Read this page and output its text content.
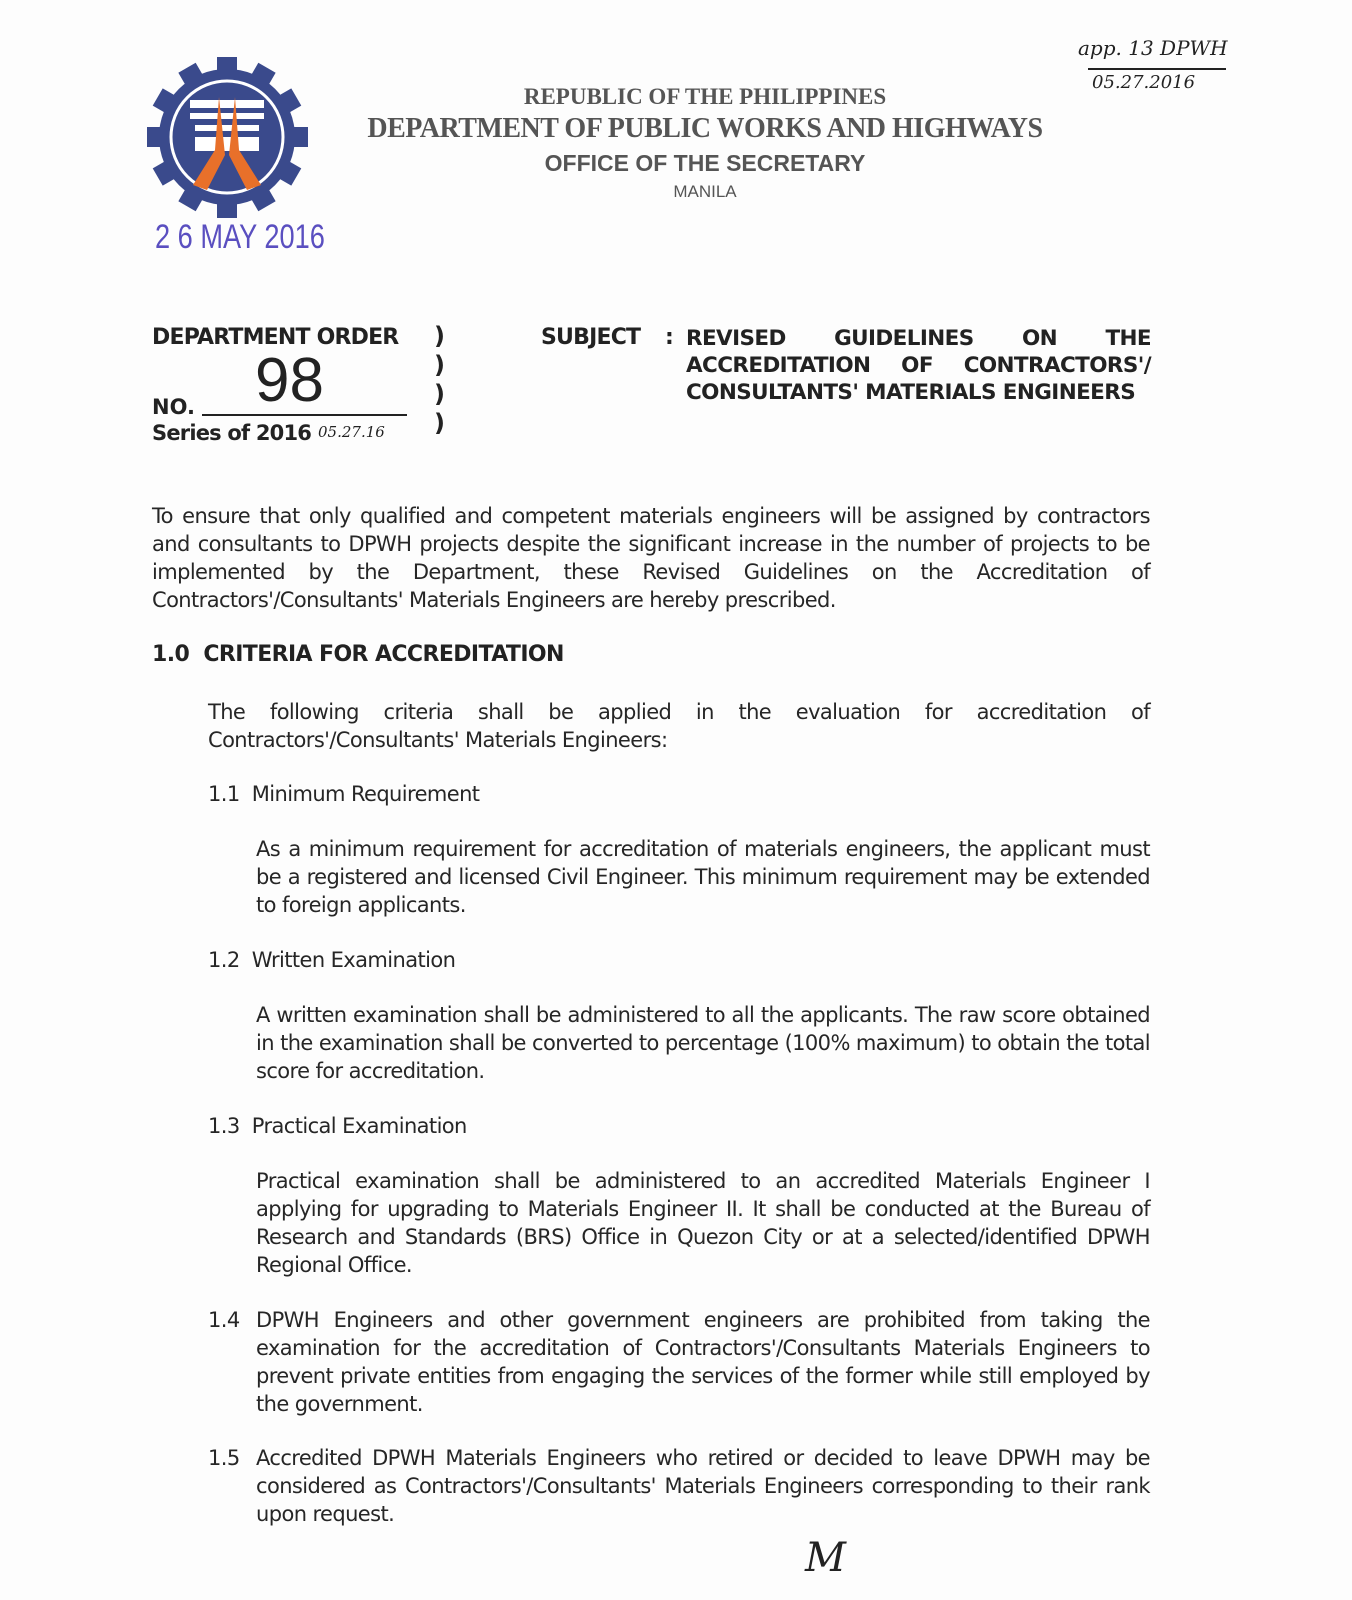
2 6 MAY 2016
REPUBLIC OF THE PHILIPPINES
DEPARTMENT OF PUBLIC WORKS AND HIGHWAYS
OFFICE OF THE SECRETARY
MANILA
app. 13 DPWH
05.27.2016
DEPARTMENT ORDER
NO. 98
Series of 2016 05.27.16
)
)
)
)
SUBJECT : REVISED GUIDELINES ON THE
ACCREDITATION OF CONTRACTORS'/
CONSULTANTS' MATERIALS ENGINEERS
To ensure that only qualified and competent materials engineers will be assigned by contractors and consultants to DPWH projects despite the significant increase in the number of projects to be implemented by the Department, these Revised Guidelines on the Accreditation of Contractors'/Consultants' Materials Engineers are hereby prescribed.
1.0 CRITERIA FOR ACCREDITATION
The following criteria shall be applied in the evaluation for accreditation of Contractors'/Consultants' Materials Engineers:
1.1 Minimum Requirement
As a minimum requirement for accreditation of materials engineers, the applicant must be a registered and licensed Civil Engineer. This minimum requirement may be extended to foreign applicants.
1.2 Written Examination
A written examination shall be administered to all the applicants. The raw score obtained in the examination shall be converted to percentage (100% maximum) to obtain the total score for accreditation.
1.3 Practical Examination
Practical examination shall be administered to an accredited Materials Engineer I applying for upgrading to Materials Engineer II. It shall be conducted at the Bureau of Research and Standards (BRS) Office in Quezon City or at a selected/identified DPWH Regional Office.
1.4 DPWH Engineers and other government engineers are prohibited from taking the examination for the accreditation of Contractors'/Consultants Materials Engineers to prevent private entities from engaging the services of the former while still employed by the government.
1.5 Accredited DPWH Materials Engineers who retired or decided to leave DPWH may be considered as Contractors'/Consultants' Materials Engineers corresponding to their rank upon request.
M
